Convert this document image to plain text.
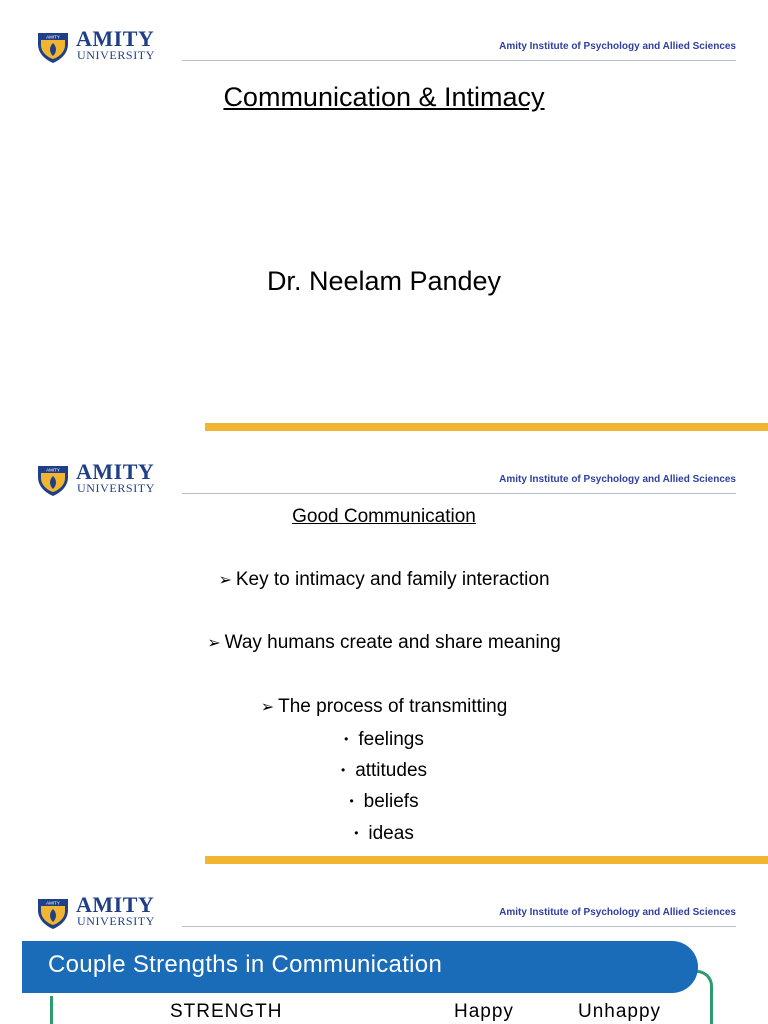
AMITY AMITY
UNIVERSITY
Amity Institute of Psychology and Allied Sciences
Communication & Intimacy
Dr. Neelam Pandey
AMITY AMITY
UNIVERSITY
Amity Institute of Psychology and Allied Sciences
Good Communication
➢ Key to intimacy and family interaction
➢ Way humans create and share meaning
➢ The process of transmitting
• feelings
• attitudes
• beliefs
• ideas
AMITY AMITY
UNIVERSITY
Amity Institute of Psychology and Allied Sciences
Couple Strengths in Communication
STRENGTH	Happy	Unhappy
